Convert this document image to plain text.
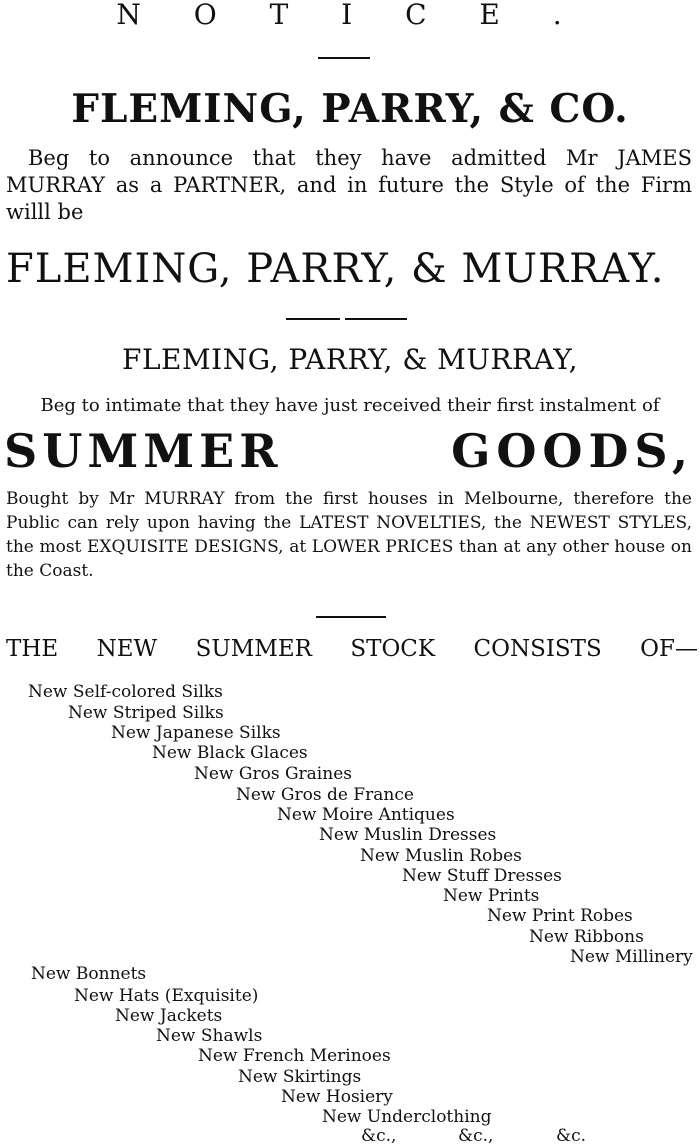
N O T I C E .
FLEMING, PARRY, & CO.
Beg to announce that they have admitted Mr JAMES MURRAY as a PARTNER, and in future the Style of the Firm willl be
FLEMING, PARRY, & MURRAY.
FLEMING, PARRY, & MURRAY,
Beg to intimate that they have just received their first instalment of
SUMMER	GOODS,
Bought by Mr MURRAY from the first houses in Melbourne, therefore the Public can rely upon having the LATEST NOVELTIES, the NEWEST STYLES, the most EXQUISITE DESIGNS, at LOWER PRICES than at any other house on the Coast.
THE NEW SUMMER STOCK CONSISTS OF—
New Self-colored Silks
New Striped Silks
New Japanese Silks
New Black Glaces
New Gros Graines
New Gros de France
New Moire Antiques
New Muslin Dresses
New Muslin Robes
New Stuff Dresses
New Prints
New Print Robes
New Ribbons
New Millinery
New Bonnets
New Hats (Exquisite)
New Jackets
New Shawls
New French Merinoes
New Skirtings
New Hosiery
New Underclothing
&c.,	&c.,	&c.
